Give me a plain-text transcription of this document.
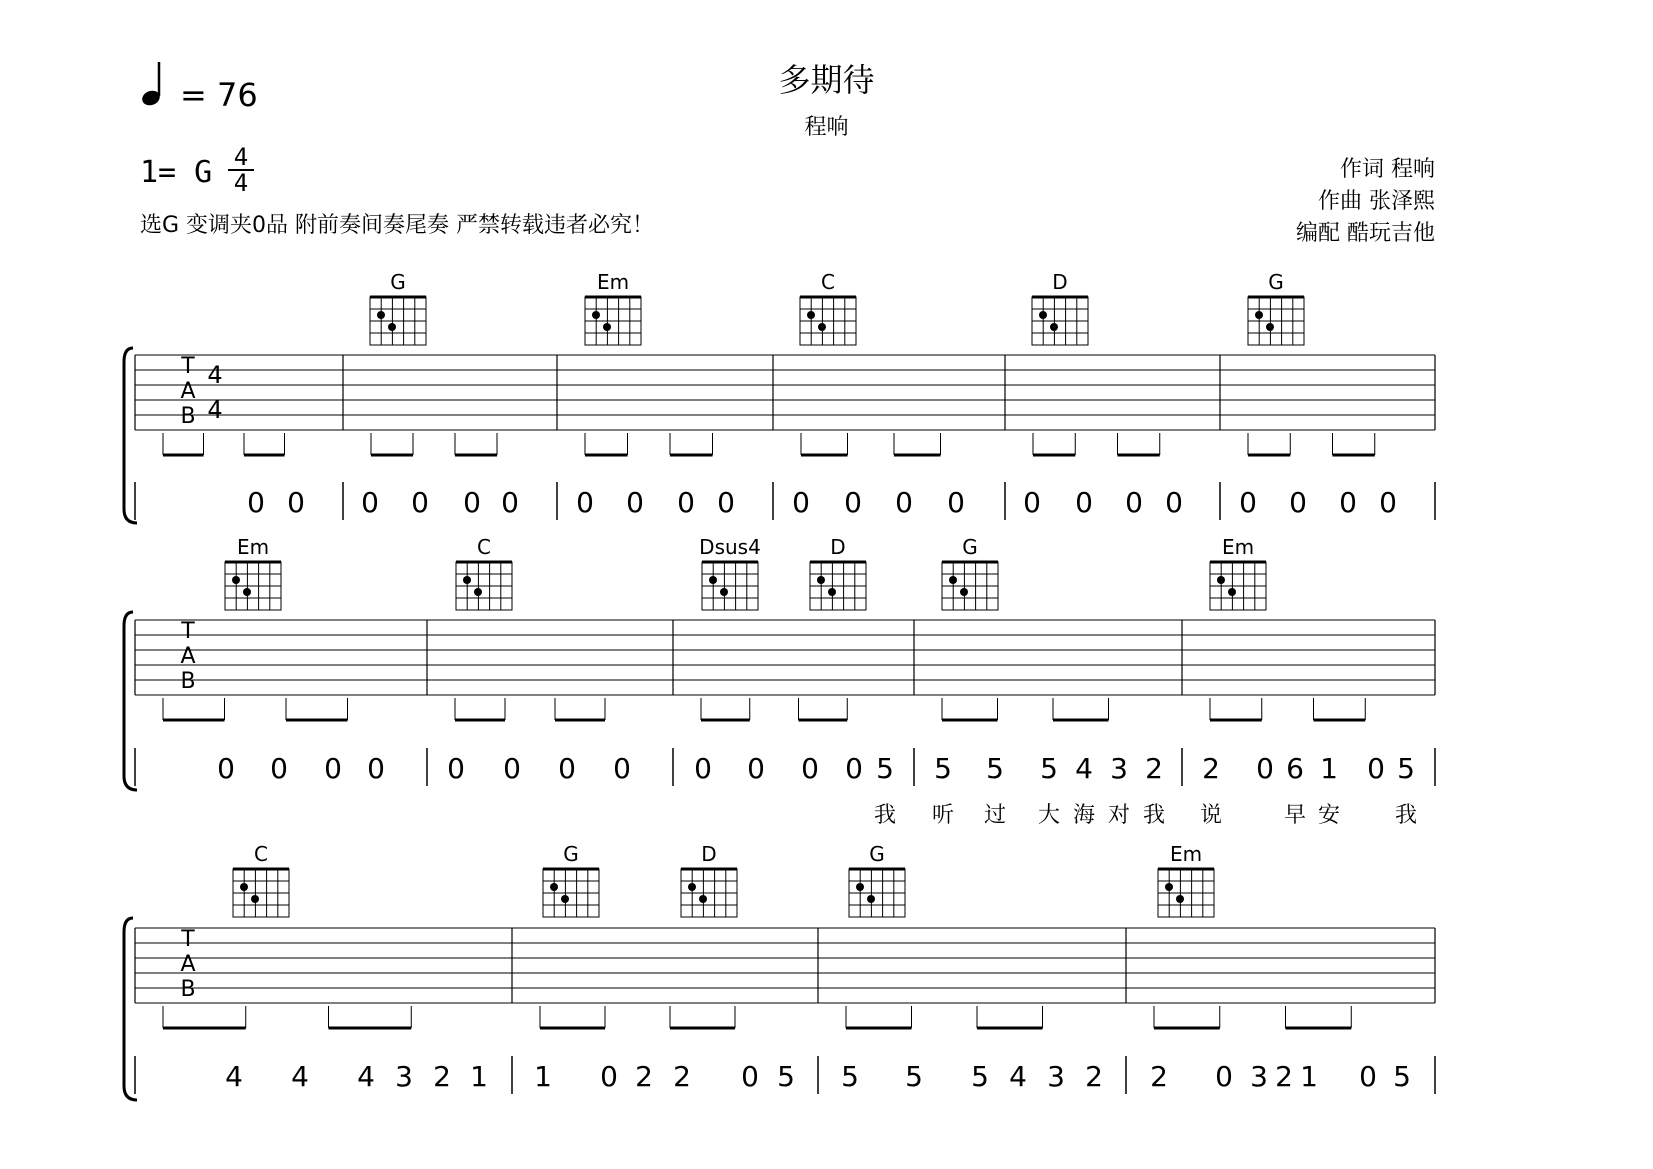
= 76	多期待
程响
1= G 4
4
选G 变调夹0品 附前奏间奏尾奏 严禁转载违者必究！
作词 程响
作曲 张泽熙
编配 酷玩吉他
T
A
B
4
4
G	Em	C	D	G
0 0 0 0 0 0 0 0 0 0 0 0 0 0 0 0 0 0 0 0 0 0
T
A
B
Em	C	Dsus4	D	G	Em
0 0 0 0 0 0 0 0 0 0 0 0 5 5 5 5 4 3 2 2 0 6 1 0 5
我 听 过 大 海 对 我 说	早 安 我
T
A
B
C	G	D	G	Em
4 4 4 3 2 1 1 0 2 2 0 5 5 5 5 4 3 2 2 0 3 2 1 0 5
